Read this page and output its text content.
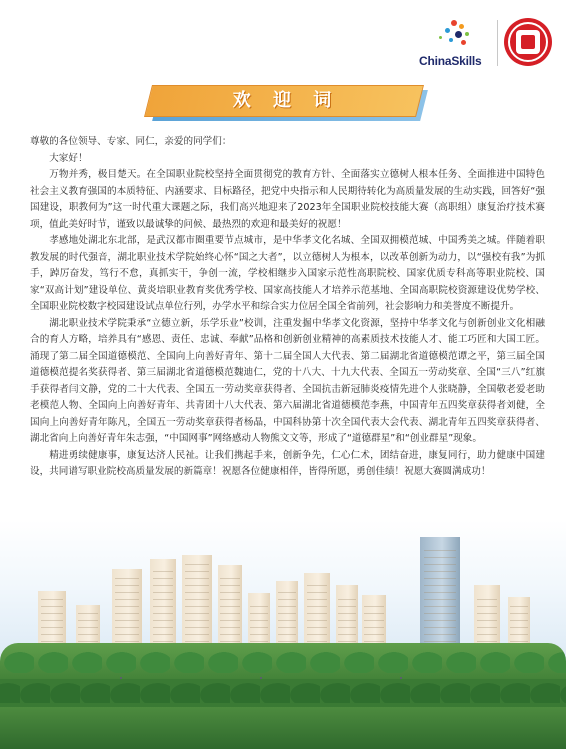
ChinaSkills
欢 迎 词

尊敬的各位领导、专家、同仁，亲爱的同学们：

大家好！

万物并秀，极目楚天。在全国职业院校坚持全面贯彻党的教育方针、全面落实立德树人根本任务、全面推进中国特色社会主义教育强国的本质特征、内涵要求、目标路径，把党中央指示和人民期待转化为高质量发展的生动实践，回答好“强国建设，职教何为”这一时代重大课题之际，我们高兴地迎来了2023年全国职业院校技能大赛（高职组）康复治疗技术赛项，值此美好时节，谨致以最诚挚的问候、最热烈的欢迎和最美好的祝愿！

孝感地处湖北东北部，是武汉都市圈重要节点城市，是中华孝文化名城、全国双拥模范城、中国秀美之城。伴随着职教发展的时代强音，湖北职业技术学院始终心怀“国之大者”，以立德树人为根本，以改革创新为动力，以“强校有我”为抓手，踔厉奋发，笃行不怠，真抓实干，争创一流，学校相继步入国家示范性高职院校、国家优质专科高等职业院校、国家“双高计划”建设单位、黄炎培职业教育奖优秀学校、国家高技能人才培养示范基地、全国高职院校资源建设优势学校、全国职业院校数字校园建设试点单位行列，办学水平和综合实力位居全国全省前列，社会影响力和美誉度不断提升。

湖北职业技术学院秉承“立德立新，乐学乐业”校训，注重发掘中华孝文化资源，坚持中华孝文化与创新创业文化相融合的育人方略，培养具有“感恩、责任、忠诚、奉献”品格和创新创业精神的高素质技术技能人才、能工巧匠和大国工匠。涌现了第二届全国道德模范、全国向上向善好青年、第十二届全国人大代表、第二届湖北省道德模范谭之平，第三届全国道德模范提名奖获得者、第三届湖北省道德模范魏迪仁，党的十八大、十九大代表、全国五一劳动奖章、全国“三八”红旗手获得者闫文静，党的二十大代表、全国五一劳动奖章获得者、全国抗击新冠肺炎疫情先进个人张晓静，全国敬老爱老助老模范人物、全国向上向善好青年、共青团十八大代表、第六届湖北省道德模范李燕，中国青年五四奖章获得者刘健，全国向上向善好青年陈凡，全国五一劳动奖章获得者杨晶，中国科协第十次全国代表大会代表、湖北青年五四奖章获得者、湖北省向上向善好青年朱志强，“中国网事”网络感动人物熊文文等，形成了“道德群星”和“创业群星”现象。

精进勇续健康事，康复达济人民祉。让我们携起手来，创新争先，仁心仁术，团结奋进，康复同行，助力健康中国建设，共同谱写职业院校高质量发展的新篇章！祝愿各位健康相伴，皆得所愿，勇创佳绩！祝愿大赛圆满成功！
